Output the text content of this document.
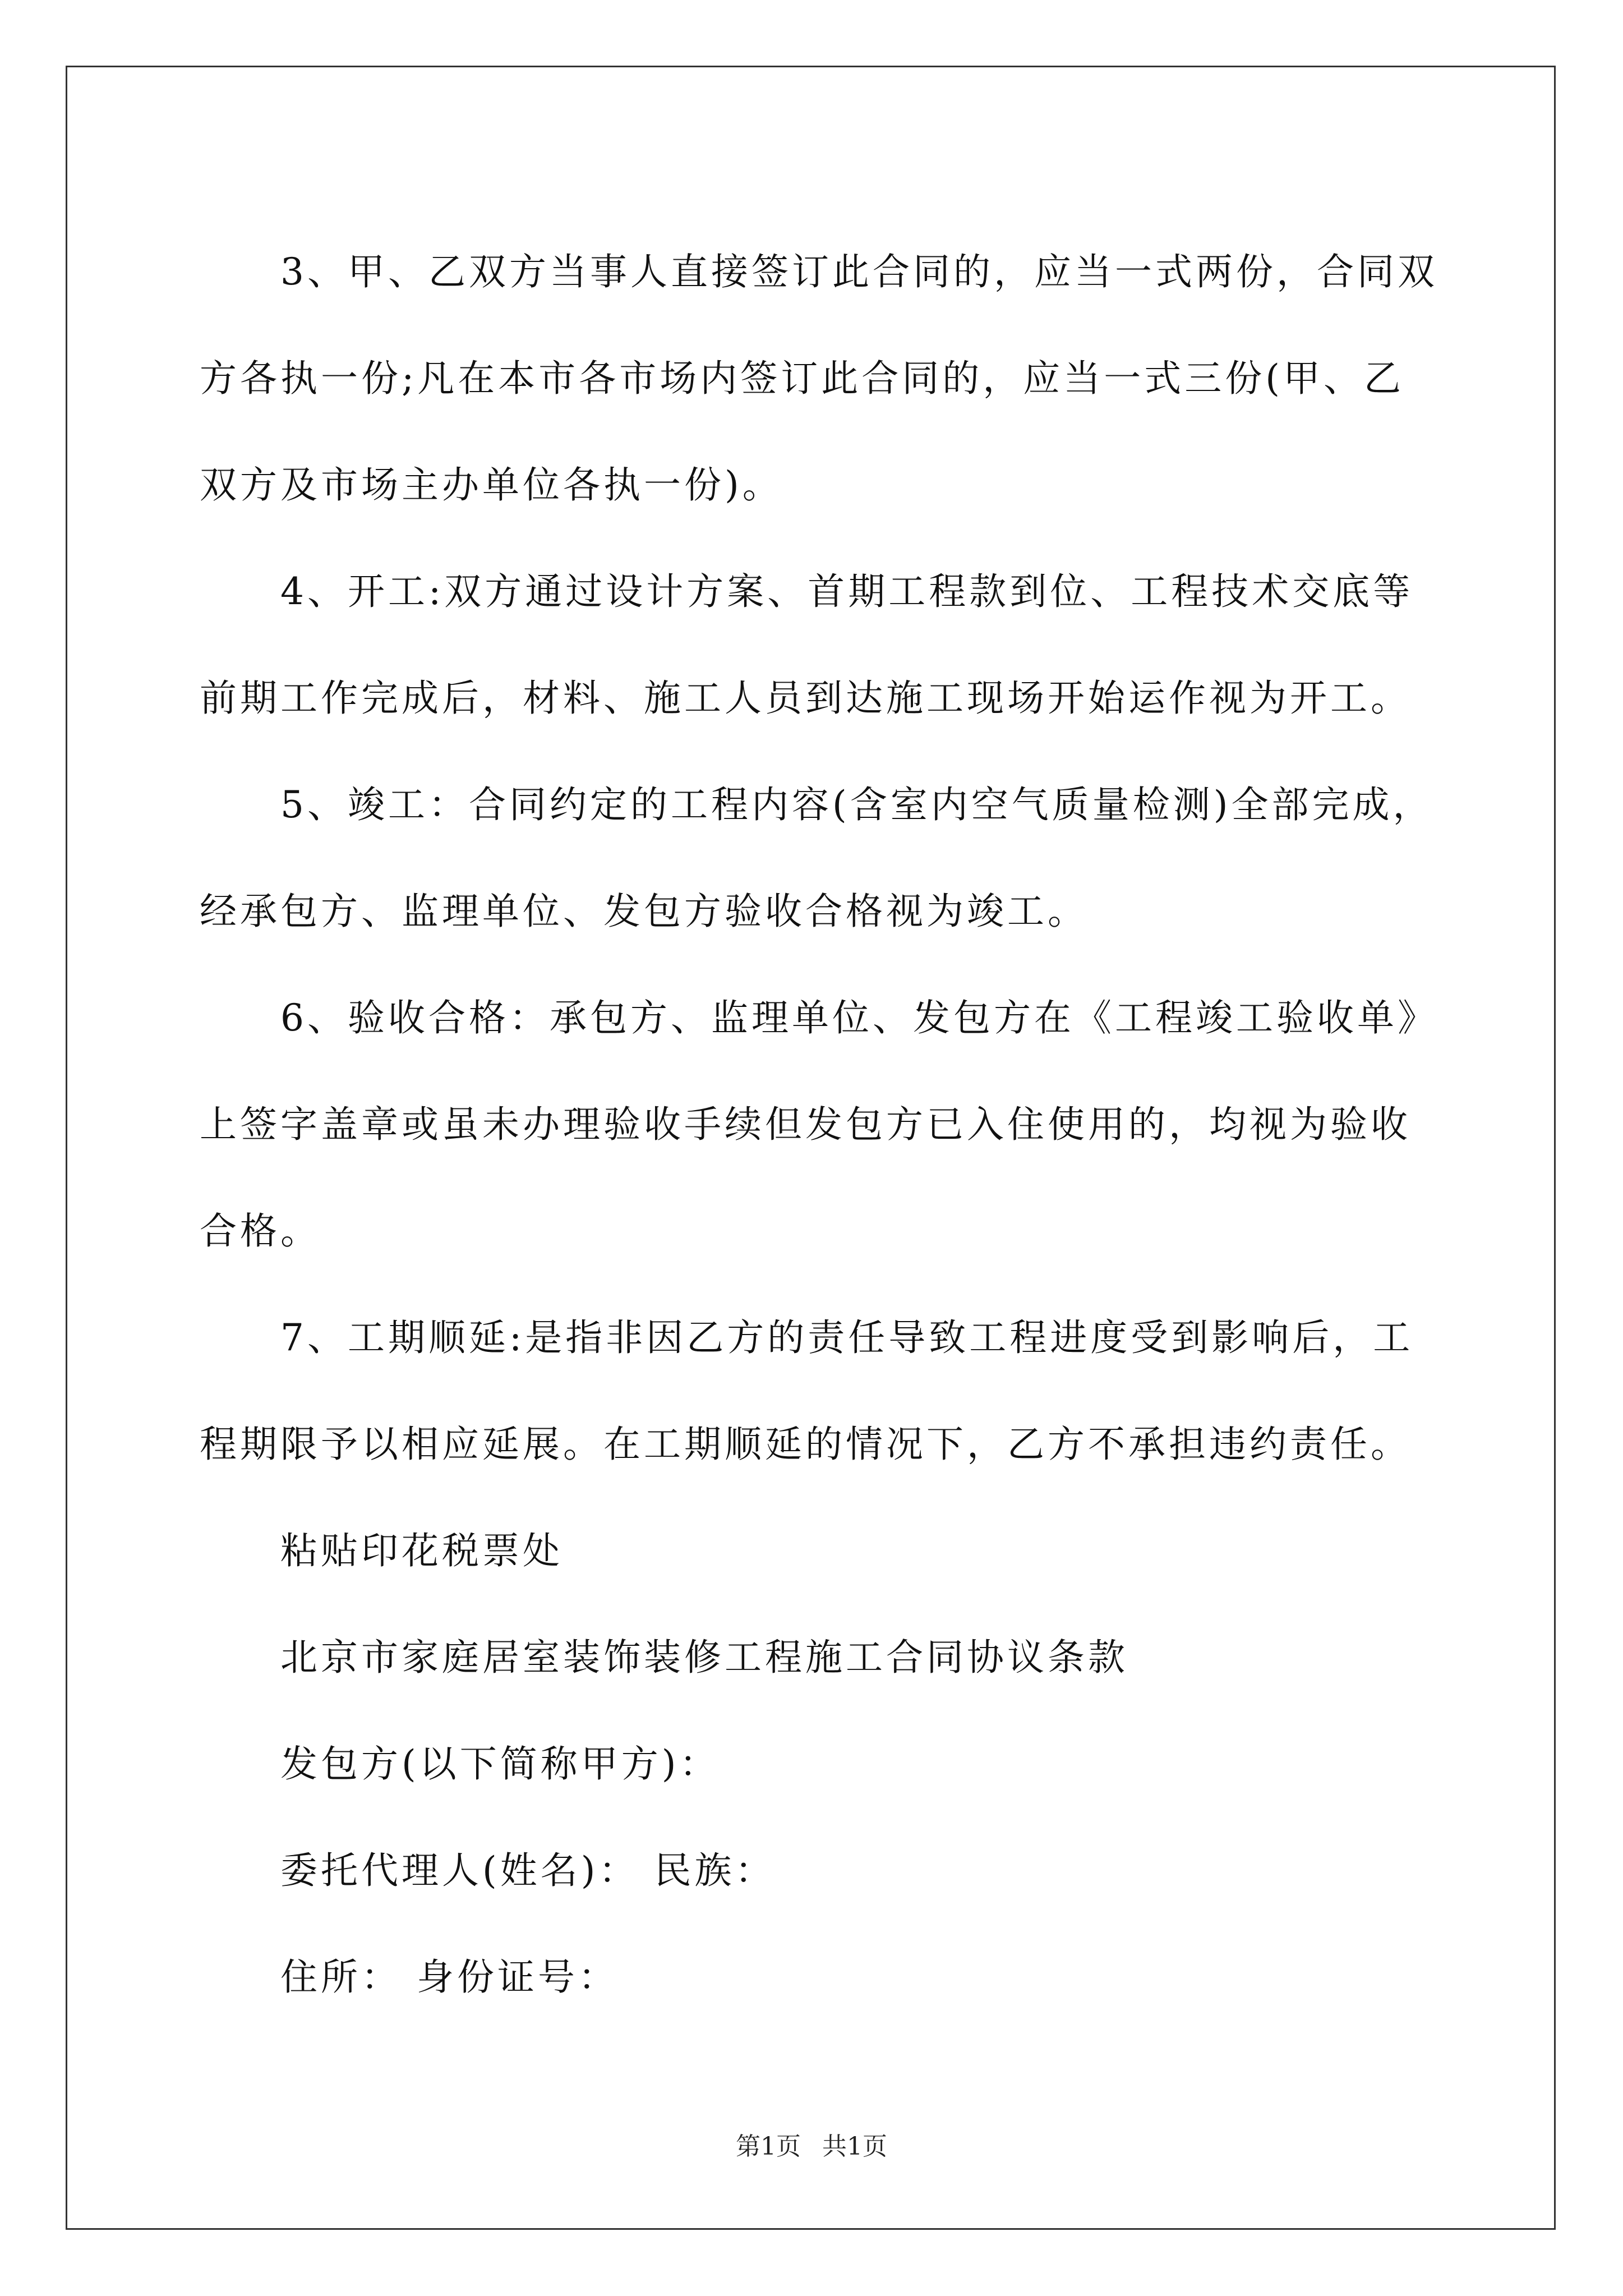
3、甲、乙双方当事人直接签订此合同的，应当一式两份，合同双
方各执一份;凡在本市各市场内签订此合同的，应当一式三份(甲、乙
双方及市场主办单位各执一份)。
4、开工:双方通过设计方案、首期工程款到位、工程技术交底等
前期工作完成后，材料、施工人员到达施工现场开始运作视为开工。
5、竣工：合同约定的工程内容(含室内空气质量检测)全部完成，
经承包方、监理单位、发包方验收合格视为竣工。
6、验收合格：承包方、监理单位、发包方在《工程竣工验收单》
上签字盖章或虽未办理验收手续但发包方已入住使用的，均视为验收
合格。
7、工期顺延:是指非因乙方的责任导致工程进度受到影响后，工
程期限予以相应延展。在工期顺延的情况下，乙方不承担违约责任。
粘贴印花税票处
北京市家庭居室装饰装修工程施工合同协议条款
发包方(以下简称甲方)：
委托代理人(姓名)： 民族：
住所： 身份证号：
第1页 共1页
